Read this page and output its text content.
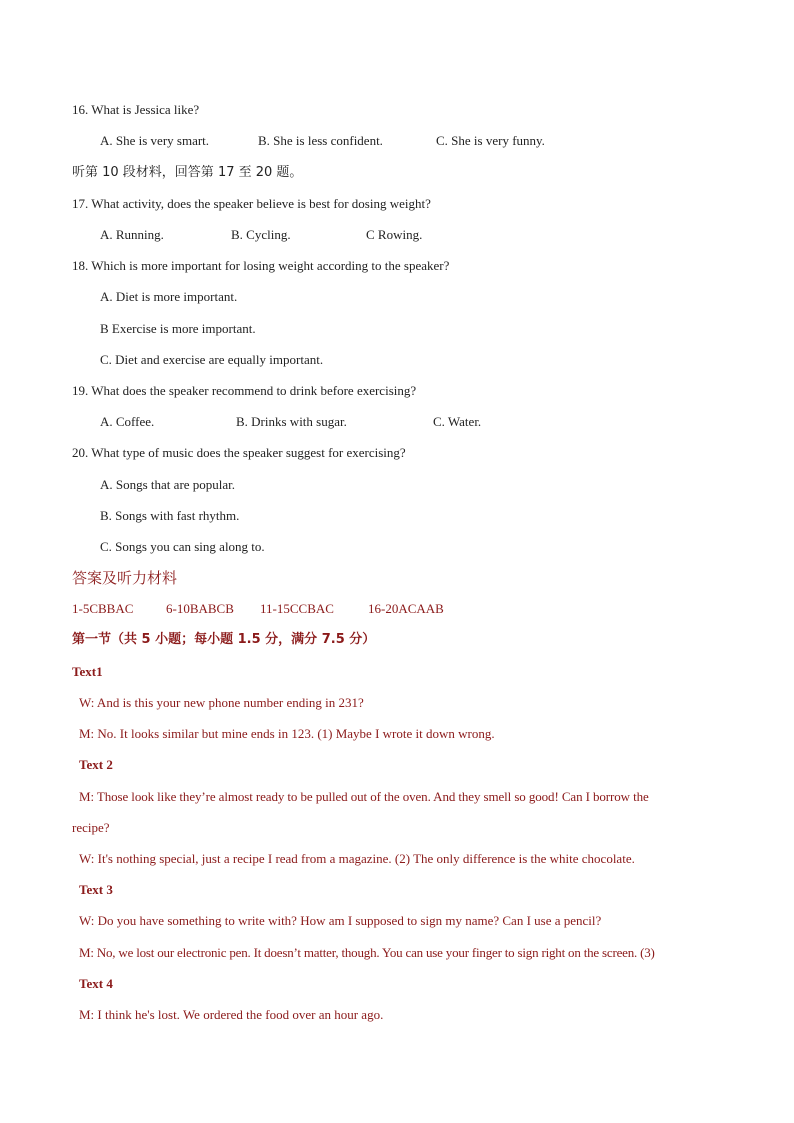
16. What is Jessica like?
A. She is very smart.	B. She is less confident.	C. She is very funny.
听第 10 段材料，回答第 17 至 20 题。
17. What activity, does the speaker believe is best for dosing weight?
A. Running.	B. Cycling.	C Rowing.
18. Which is more important for losing weight according to the speaker?
A. Diet is more important.
B Exercise is more important.
C. Diet and exercise are equally important.
19. What does the speaker recommend to drink before exercising?
A. Coffee.	B. Drinks with sugar.	C. Water.
20. What type of music does the speaker suggest for exercising?
A. Songs that are popular.
B. Songs with fast rhythm.
C. Songs you can sing along to.
答案及听力材料
1-5CBBAC	6-10BABCB 11-15CCBAC	16-20ACAAB
第一节（共 5 小题；每小题 1.5 分，满分 7.5 分）
Text1
W: And is this your new phone number ending in 231?
M: No. It looks similar but mine ends in 123. (1) Maybe I wrote it down wrong.
Text 2
M: Those look like they’re almost ready to be pulled out of the oven. And they smell so good! Can I borrow the
recipe?
W: It's nothing special, just a recipe I read from a magazine. (2) The only difference is the white chocolate.
Text 3
W: Do you have something to write with? How am I supposed to sign my name? Can I use a pencil?
M: No, we lost our electronic pen. It doesn’t matter, though. You can use your finger to sign right on the screen. (3)
Text 4
M: I think he's lost. We ordered the food over an hour ago.
